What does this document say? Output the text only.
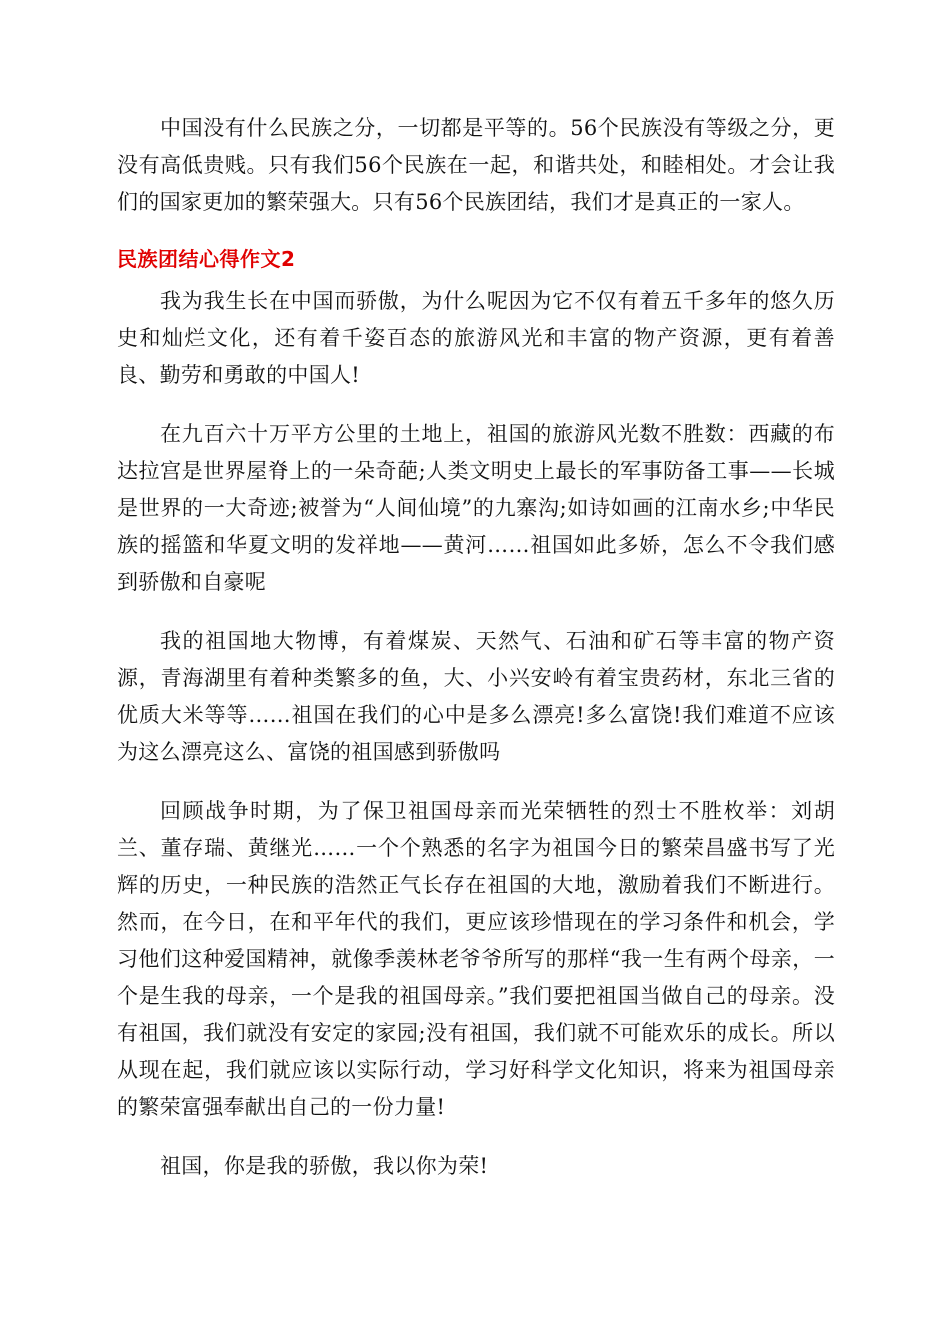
中国没有什么民族之分，一切都是平等的。56个民族没有等级之分，更没有高低贵贱。只有我们56个民族在一起，和谐共处，和睦相处。才会让我们的国家更加的繁荣强大。只有56个民族团结，我们才是真正的一家人。

民族团结心得作文2

我为我生长在中国而骄傲，为什么呢因为它不仅有着五千多年的悠久历史和灿烂文化，还有着千姿百态的旅游风光和丰富的物产资源，更有着善良、勤劳和勇敢的中国人!

在九百六十万平方公里的土地上，祖国的旅游风光数不胜数：西藏的布达拉宫是世界屋脊上的一朵奇葩;人类文明史上最长的军事防备工事——长城是世界的一大奇迹;被誉为“人间仙境”的九寨沟;如诗如画的江南水乡;中华民族的摇篮和华夏文明的发祥地——黄河……祖国如此多娇，怎么不令我们感到骄傲和自豪呢

我的祖国地大物博，有着煤炭、天然气、石油和矿石等丰富的物产资源，青海湖里有着种类繁多的鱼，大、小兴安岭有着宝贵药材，东北三省的优质大米等等……祖国在我们的心中是多么漂亮!多么富饶!我们难道不应该为这么漂亮这么、富饶的祖国感到骄傲吗

回顾战争时期，为了保卫祖国母亲而光荣牺牲的烈士不胜枚举：刘胡兰、董存瑞、黄继光……一个个熟悉的名字为祖国今日的繁荣昌盛书写了光辉的历史，一种民族的浩然正气长存在祖国的大地，激励着我们不断进行。然而，在今日，在和平年代的我们，更应该珍惜现在的学习条件和机会，学习他们这种爱国精神，就像季羡林老爷爷所写的那样“我一生有两个母亲，一个是生我的母亲，一个是我的祖国母亲。”我们要把祖国当做自己的母亲。没有祖国，我们就没有安定的家园;没有祖国，我们就不可能欢乐的成长。所以从现在起，我们就应该以实际行动，学习好科学文化知识，将来为祖国母亲的繁荣富强奉献出自己的一份力量!

祖国，你是我的骄傲，我以你为荣!
